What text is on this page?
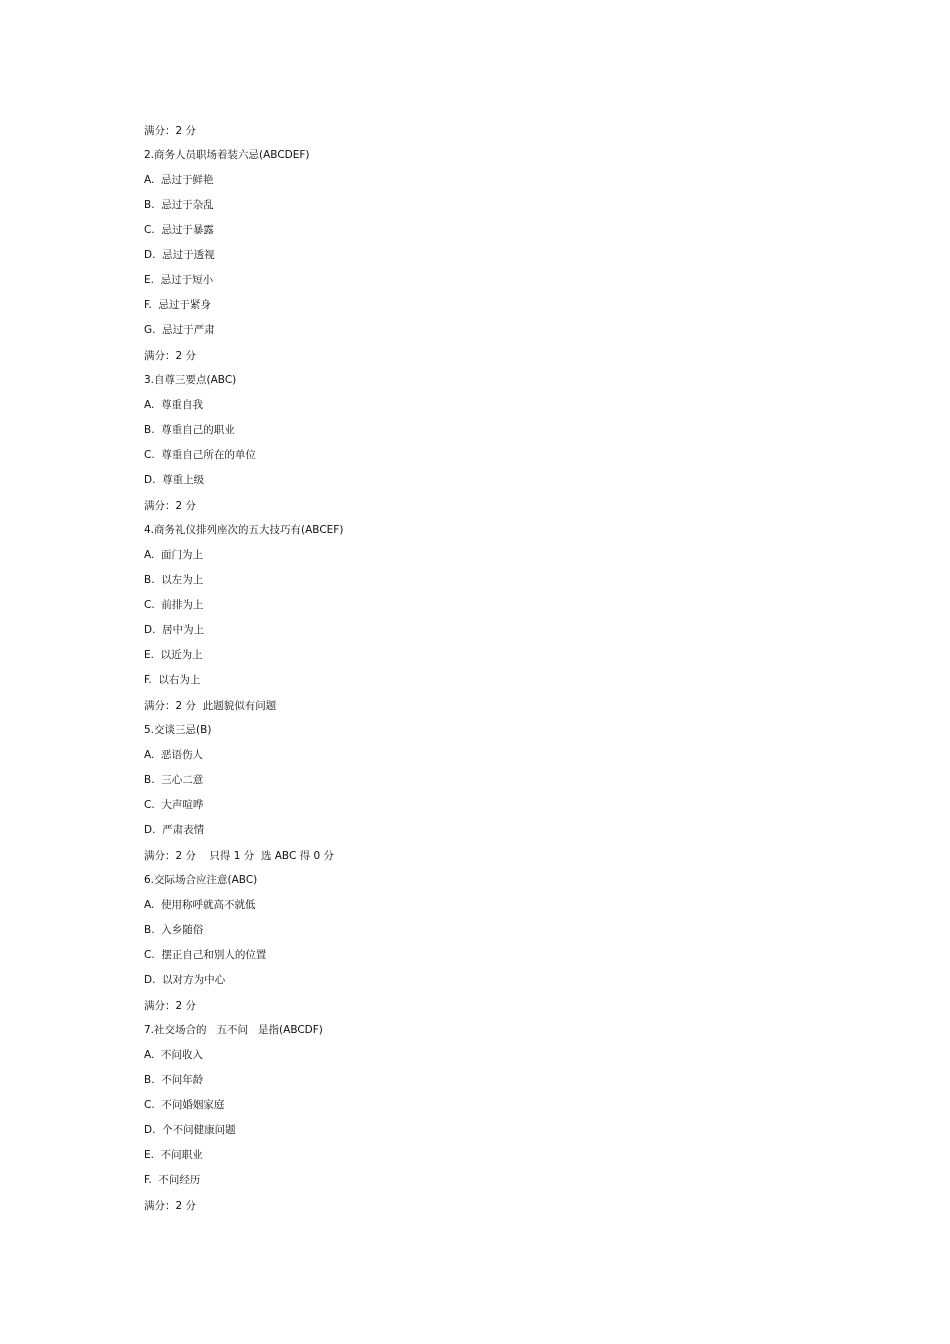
满分：2 分

2.商务人员职场着装六忌(ABCDEF)

A.  忌过于鲜艳

B.  忌过于杂乱

C.  忌过于暴露

D.  忌过于透视

E.  忌过于短小

F.  忌过于紧身

G.  忌过于严肃

满分：2 分

3.自尊三要点(ABC)

A.  尊重自我

B.  尊重自己的职业

C.  尊重自己所在的单位

D.  尊重上级

满分：2 分

4.商务礼仪排列座次的五大技巧有(ABCEF)

A.  面门为上

B.  以左为上

C.  前排为上

D.  居中为上

E.  以近为上

F.  以右为上

满分：2 分  此题貌似有问题

5.交谈三忌(B)

A.  恶语伤人

B.  三心二意

C.  大声喧哗

D.  严肃表情

满分：2 分    只得 1 分  选 ABC 得 0 分

6.交际场合应注意(ABC)

A.  使用称呼就高不就低

B.  入乡随俗

C.  摆正自己和别人的位置

D.  以对方为中心

满分：2 分

7.社交场合的   五不问   是指(ABCDF)

A.  不问收入

B.  不问年龄

C.  不问婚姻家庭

D.  个不问健康问题

E.  不问职业

F.  不问经历

满分：2 分
